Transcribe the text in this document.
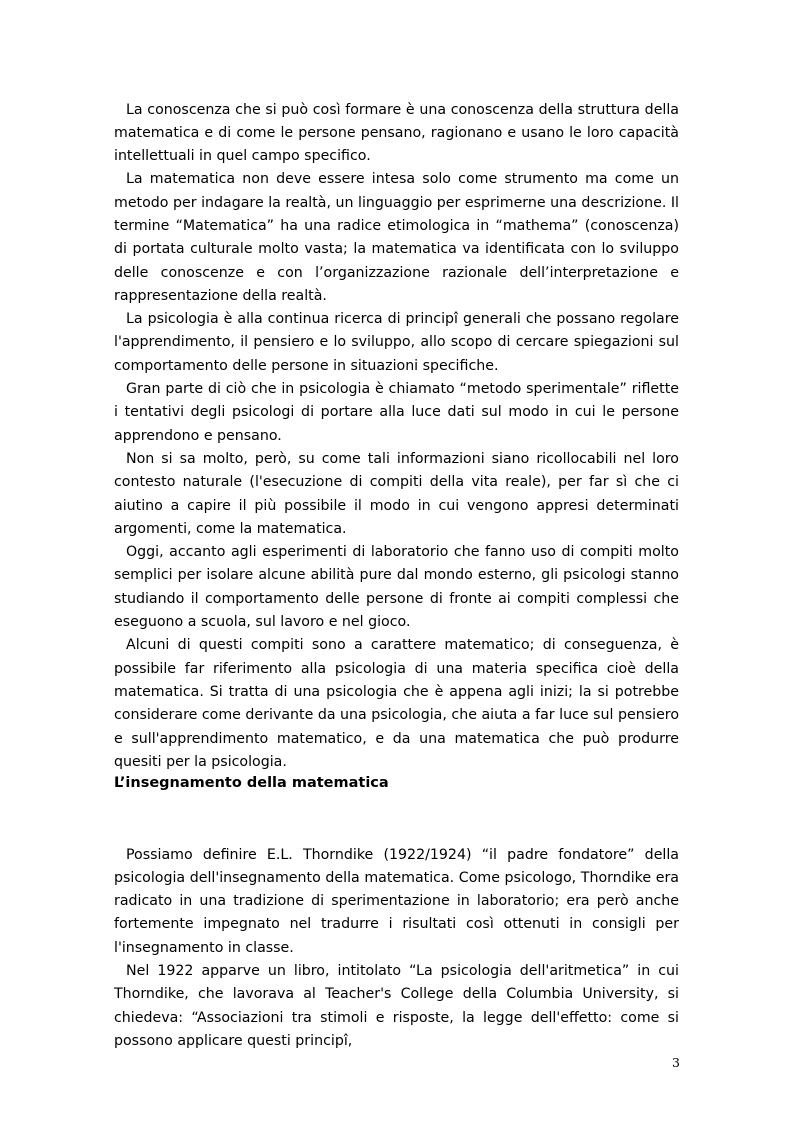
La conoscenza che si può così formare è una conoscenza della struttura della matematica e di come le persone pensano, ragionano e usano le loro capacità intellettuali in quel campo specifico.

La matematica non deve essere intesa solo come strumento ma come un metodo per indagare la realtà, un linguaggio per esprimerne una descrizione. Il termine “Matematica” ha una radice etimologica in “mathema” (conoscenza) di portata culturale molto vasta; la matematica va identificata con lo sviluppo delle conoscenze e con l’organizzazione razionale dell’interpretazione e rappresentazione della realtà.

La psicologia è alla continua ricerca di principî generali che possano regolare l'apprendimento, il pensiero e lo sviluppo, allo scopo di cercare spiegazioni sul comportamento delle persone in situazioni specifiche.

Gran parte di ciò che in psicologia è chiamato “metodo sperimentale” riflette i tentativi degli psicologi di portare alla luce dati sul modo in cui le persone apprendono e pensano.

Non si sa molto, però, su come tali informazioni siano ricollocabili nel loro contesto naturale (l'esecuzione di compiti della vita reale), per far sì che ci aiutino a capire il più possibile il modo in cui vengono appresi determinati argomenti, come la matematica.

Oggi, accanto agli esperimenti di laboratorio che fanno uso di compiti molto semplici per isolare alcune abilità pure dal mondo esterno, gli psicologi stanno studiando il comportamento delle persone di fronte ai compiti complessi che eseguono a scuola, sul lavoro e nel gioco.

Alcuni di questi compiti sono a carattere matematico; di conseguenza, è possibile far riferimento alla psicologia di una materia specifica cioè della matematica. Si tratta di una psicologia che è appena agli inizi; la si potrebbe considerare come derivante da una psicologia, che aiuta a far luce sul pensiero e sull'apprendimento matematico, e da una matematica che può produrre quesiti per la psicologia.

L’insegnamento della matematica

Possiamo definire E.L. Thorndike (1922/1924) “il padre fondatore” della psicologia dell'insegnamento della matematica. Come psicologo, Thorndike era radicato in una tradizione di sperimentazione in laboratorio; era però anche fortemente impegnato nel tradurre i risultati così ottenuti in consigli per l'insegnamento in classe.

Nel 1922 apparve un libro, intitolato “La psicologia dell'aritmetica” in cui Thorndike, che lavorava al Teacher's College della Columbia University, si chiedeva: “Associazioni tra stimoli e risposte, la legge dell'effetto: come si possono applicare questi principî,

3
